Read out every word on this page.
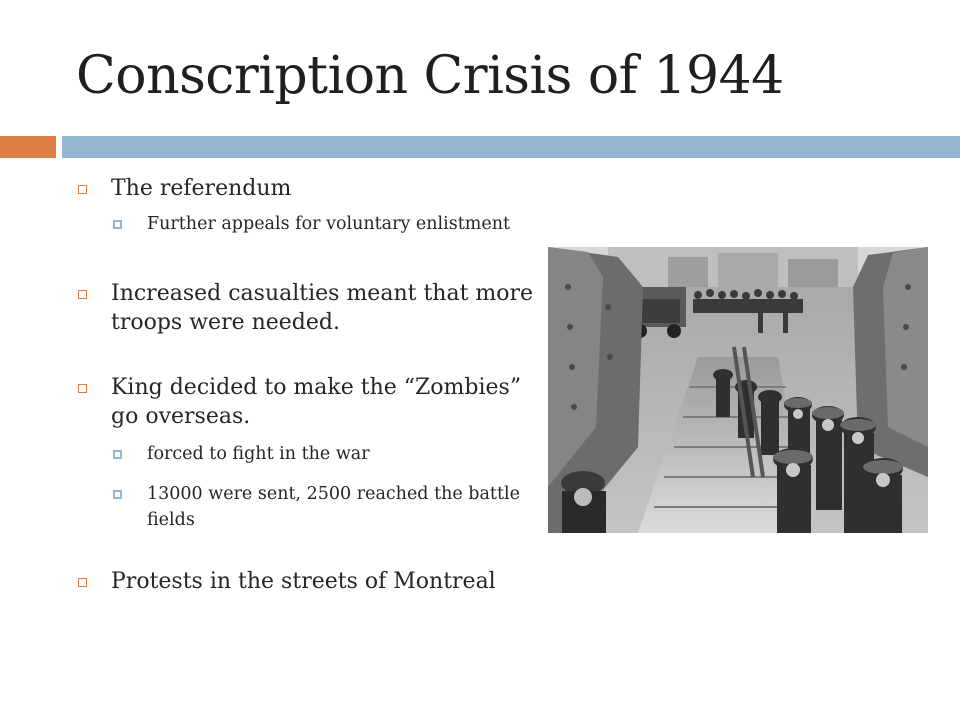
Conscription Crisis of 1944
The referendum
Further appeals for voluntary enlistment
Increased casualties meant that more troops were needed.
King decided to make the “Zombies” go overseas.
forced to fight in the war
13000 were sent, 2500 reached the battle fields
Protests in the streets of Montreal
